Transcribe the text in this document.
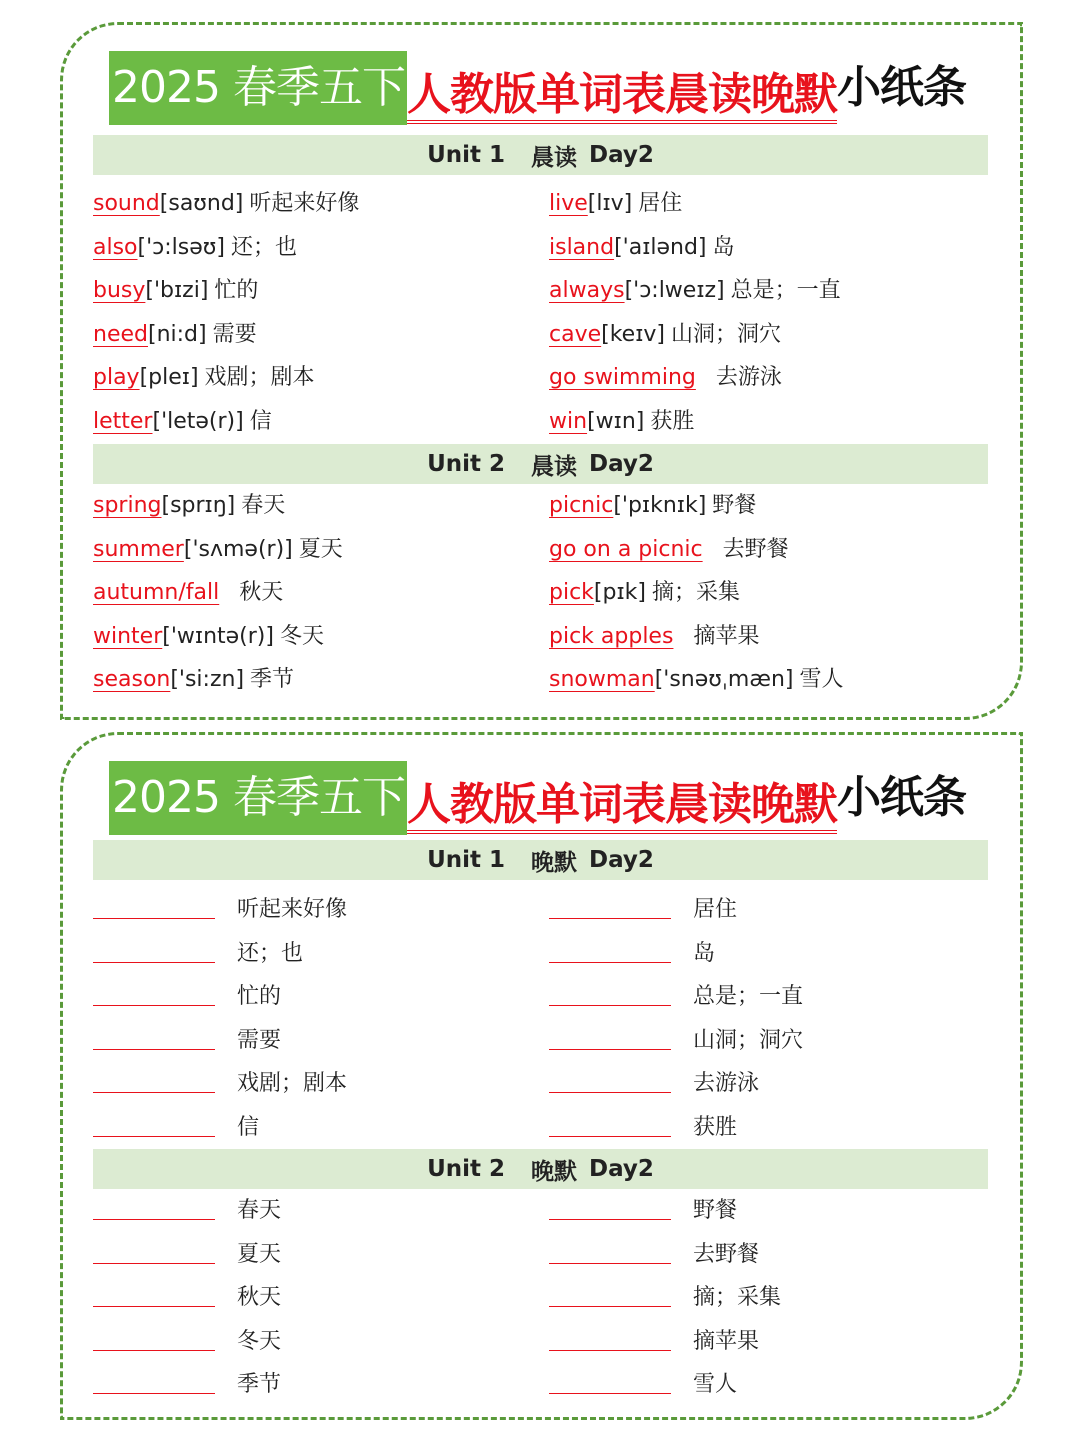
2025 春季五下 人教版单词表晨读晚默 小纸条
Unit 1 晨读 Day2
sound[saʊnd] 听起来好像	live[lɪv] 居住
also['ɔ:lsəʊ] 还；也	island['aɪlənd] 岛
busy['bɪzi] 忙的	always['ɔ:lweɪz] 总是；一直
need[ni:d] 需要	cave[keɪv] 山洞；洞穴
play[pleɪ] 戏剧；剧本	go swimming 去游泳
letter['letə(r)] 信	win[wɪn] 获胜
Unit 2 晨读 Day2
spring[sprɪŋ] 春天	picnic['pɪknɪk] 野餐
summer['sʌmə(r)] 夏天	go on a picnic 去野餐
autumn/fall 秋天	pick[pɪk] 摘；采集
winter['wɪntə(r)] 冬天	pick apples 摘苹果
season['si:zn] 季节	snowman['snəʊˌmæn] 雪人
2025 春季五下 人教版单词表晨读晚默 小纸条
Unit 1 晚默 Day2
听起来好像	居住
还；也	岛
忙的	总是；一直
需要	山洞；洞穴
戏剧；剧本	去游泳
信	获胜
Unit 2 晚默 Day2
春天	野餐
夏天	去野餐
秋天	摘；采集
冬天	摘苹果
季节	雪人
